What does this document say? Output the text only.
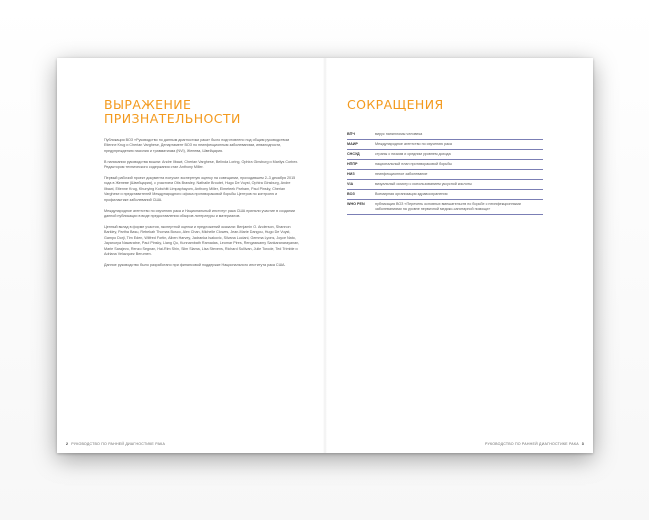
ВЫРАЖЕНИЕ ПРИЗНАТЕЛЬНОСТИ

Публикация ВОЗ «Руководство по данным диагностики рака» было подготовлено под общим руководством Etienne Krug и Cherian Varghese, Департамент ВОЗ по неинфекционным заболеваниям, инвалидности, предупреждению насилия и травматизма (NVI), Женева, Швейцария.

В написании руководства вошли: Andre Ilbawi, Cherian Varghese, Belinda Loring, Ophira Ginsburg и Marilys Corbex. Редактором технического содержания стал Anthony Miller.

Первый рабочий проект документа получил экспертную оценку на совещании, проходившем 2–3 декабря 2015 года в Женеве (Швейцария), с участием Otis Brawley, Nathalie Broutet, Hugo De Vuyst, Ophira Ginsburg, Andre Ilbawi, Etienne Krug, Khunying Kobchitt Limpaphayom, Anthony Miller, Elmeteek Parham, Paul Pinsky, Cherian Varghese и представителей Международного офиса противораковой борьбы Центров по контролю и профилактике заболеваний США.

Международное агентство по изучению рака и Национальный институт рака США приняли участие в создании данной публикации в виде предоставления обзоров литературы и материалов.

Ценный вклад в форме участия, экспертной оценки и предложений оказали: Benjamin O. Anderson, Shannon Barkley, Partha Basu, Rebekah Thomas Bosco, Alex Chan, Michelle Clowes, Jean-Marie Dangou, Hugo De Vuyst, Gampo Dorji, Tim Eden, Wilfred Fortin, Alben Harvey, Jadranka Isakovic, Silvana Luciani, Gemma Lyons, Joyce Nato, Jayanurya Nawaratne, Paul Pinsky, Liang Qu, Kunnambath Ramadas, Leomar Pires, Rengaswamy Sankaranarayanan, Marie Sarajevo, Renzo Segnan, Hai-Rim Shin, Slim Slama, Lisa Stevens, Richard Sullivan, Julie Torode, Ted Trimble и Adriana Velazquez Berumen.

Данное руководство было разработано при финансовой поддержке Национального института рака США.

2 РУКОВОДСТВО ПО РАННЕЙ ДИАГНОСТИКЕ РАКА
СОКРАЩЕНИЯ
ВПЧ	вирус папилломы человека
МАИР	Международное агентство по изучению рака
СНСУД	страны с низким и средним уровнем дохода
НППР	национальный план противораковой борьбы
НИЗ	неинфекционное заболевание
VIA	визуальный осмотр с использованием уксусной кислоты
ВОЗ	Всемирная организация здравоохранения
WHO PEN	публикация ВОЗ «Перечень основных вмешательств по борьбе с неинфекционными заболеваниями на уровне первичной медико-санитарной помощи»
РУКОВОДСТВО ПО РАННЕЙ ДИАГНОСТИКЕ РАКА 3
